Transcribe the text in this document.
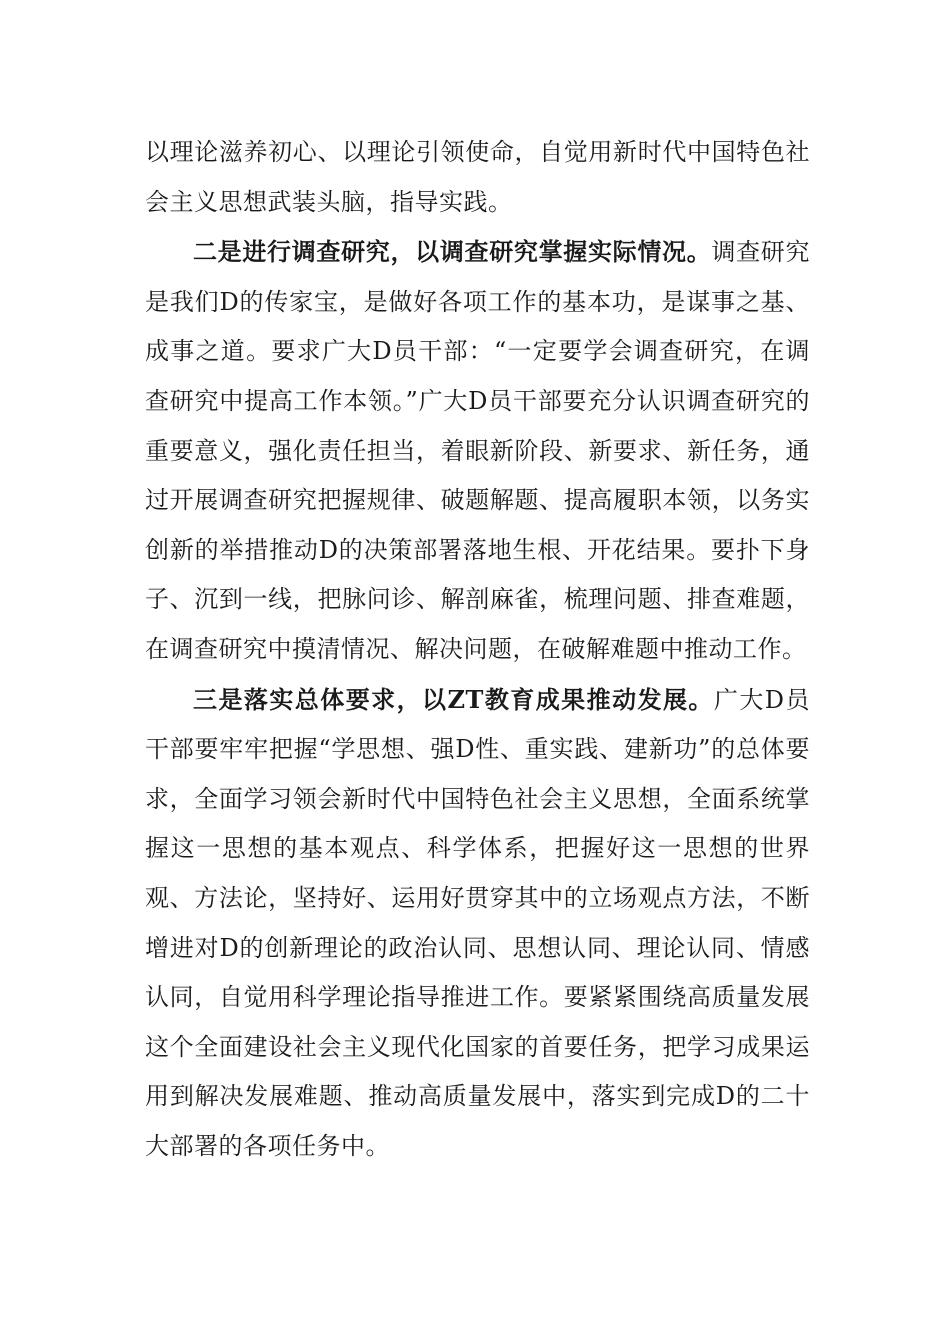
以理论滋养初心、以理论引领使命，自觉用新时代中国特色社会主义思想武装头脑，指导实践。

二是进行调查研究，以调查研究掌握实际情况。调查研究是我们D的传家宝，是做好各项工作的基本功，是谋事之基、成事之道。要求广大D员干部：“一定要学会调查研究，在调查研究中提高工作本领。”广大D员干部要充分认识调查研究的重要意义，强化责任担当，着眼新阶段、新要求、新任务，通过开展调查研究把握规律、破题解题、提高履职本领，以务实创新的举措推动D的决策部署落地生根、开花结果。要扑下身子、沉到一线，把脉问诊、解剖麻雀，梳理问题、排查难题，在调查研究中摸清情况、解决问题，在破解难题中推动工作。

三是落实总体要求，以ZT教育成果推动发展。广大D员干部要牢牢把握“学思想、强D性、重实践、建新功”的总体要求，全面学习领会新时代中国特色社会主义思想，全面系统掌握这一思想的基本观点、科学体系，把握好这一思想的世界观、方法论，坚持好、运用好贯穿其中的立场观点方法，不断增进对D的创新理论的政治认同、思想认同、理论认同、情感认同，自觉用科学理论指导推进工作。要紧紧围绕高质量发展这个全面建设社会主义现代化国家的首要任务，把学习成果运用到解决发展难题、推动高质量发展中，落实到完成D的二十大部署的各项任务中。
